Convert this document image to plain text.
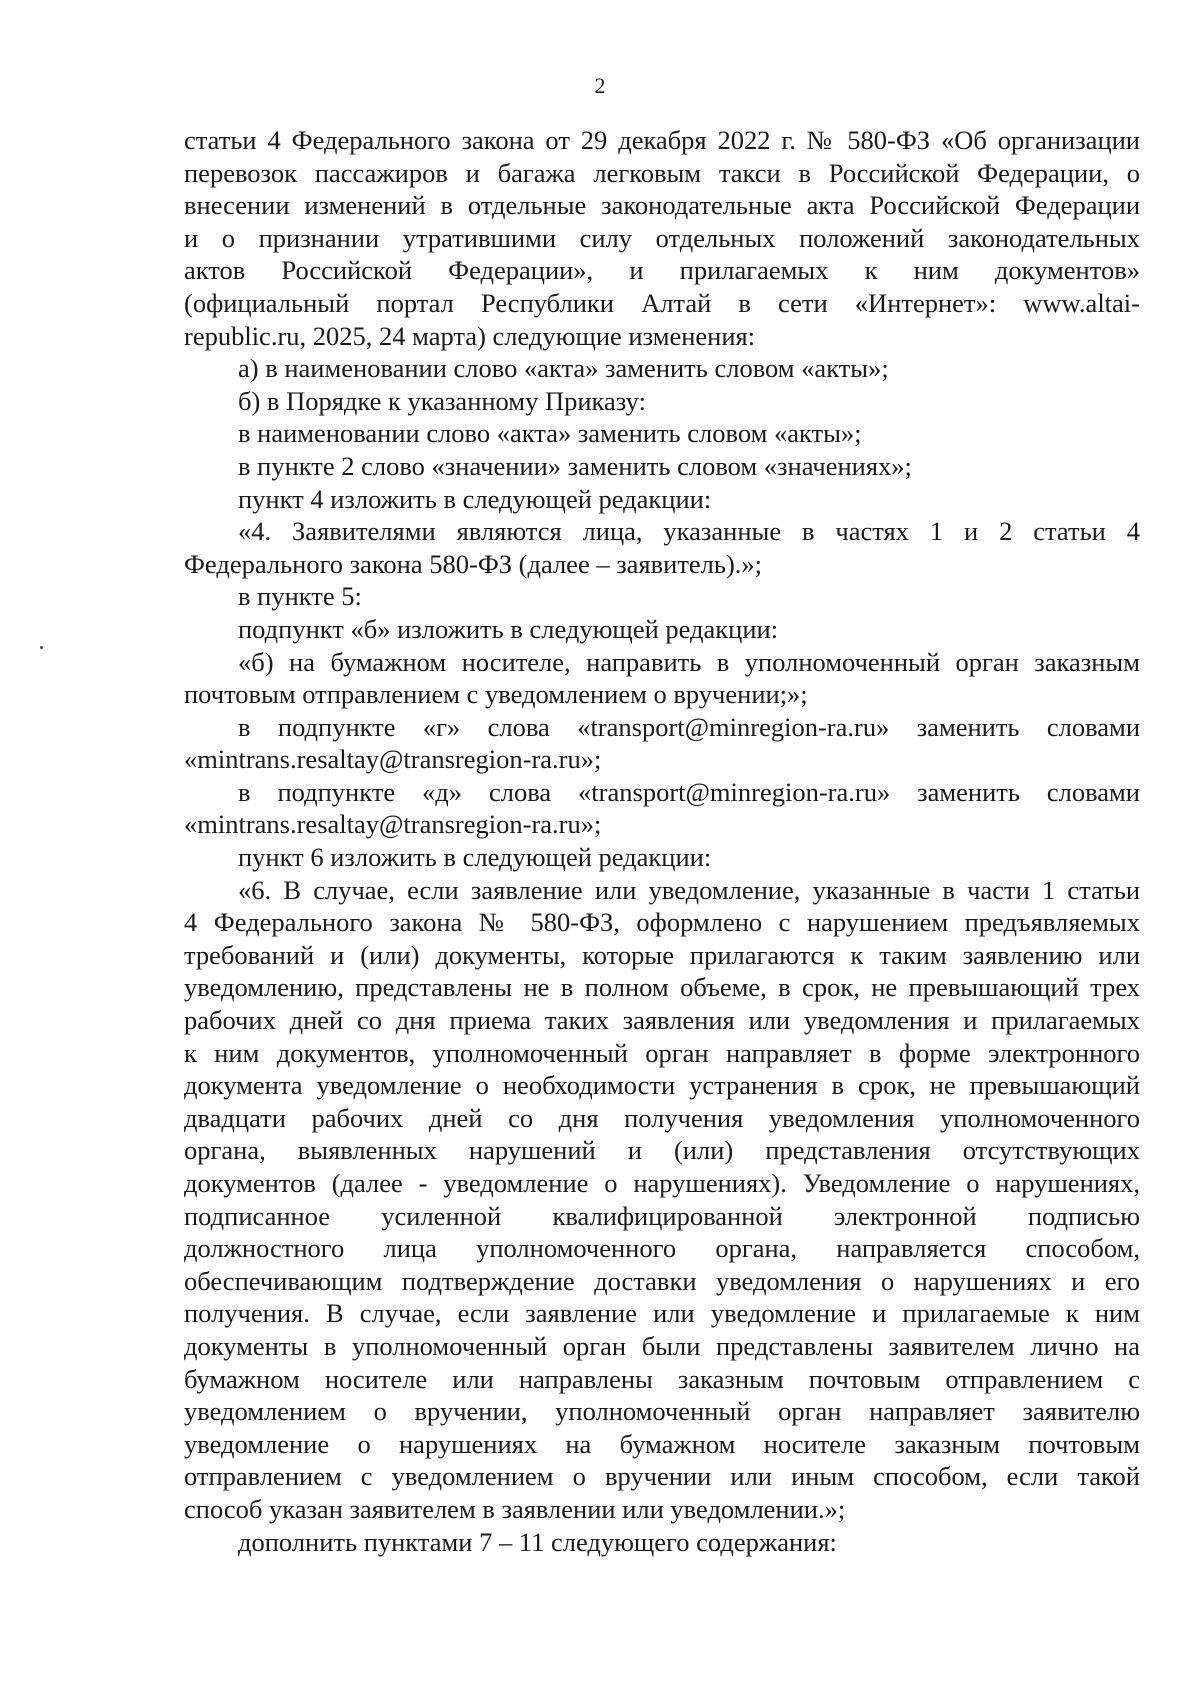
2

статьи 4 Федерального закона от 29 декабря 2022 г. № 580-ФЗ «Об организации
перевозок пассажиров и багажа легковым такси в Российской Федерации, о
внесении изменений в отдельные законодательные акта Российской Федерации
и о признании утратившими силу отдельных положений законодательных
актов Российской Федерации», и прилагаемых к ним документов»
(официальный портал Республики Алтай в сети «Интернет»: www.altai-
republic.ru, 2025, 24 марта) следующие изменения:

а) в наименовании слово «акта» заменить словом «акты»;

б) в Порядке к указанному Приказу:

в наименовании слово «акта» заменить словом «акты»;

в пункте 2 слово «значении» заменить словом «значениях»;

пункт 4 изложить в следующей редакции:

«4. Заявителями являются лица, указанные в частях 1 и 2 статьи 4
Федерального закона 580-ФЗ (далее – заявитель).»;

в пункте 5:

подпункт «б» изложить в следующей редакции:

«б) на бумажном носителе, направить в уполномоченный орган заказным
почтовым отправлением с уведомлением о вручении;»;

в подпункте «г» слова «transport@minregion-ra.ru» заменить словами
«mintrans.resaltay@transregion-ra.ru»;

в подпункте «д» слова «transport@minregion-ra.ru» заменить словами
«mintrans.resaltay@transregion-ra.ru»;

пункт 6 изложить в следующей редакции:

«6. В случае, если заявление или уведомление, указанные в части 1 статьи
4 Федерального закона № 580-ФЗ, оформлено с нарушением предъявляемых
требований и (или) документы, которые прилагаются к таким заявлению или
уведомлению, представлены не в полном объеме, в срок, не превышающий трех
рабочих дней со дня приема таких заявления или уведомления и прилагаемых
к ним документов, уполномоченный орган направляет в форме электронного
документа уведомление о необходимости устранения в срок, не превышающий
двадцати рабочих дней со дня получения уведомления уполномоченного
органа, выявленных нарушений и (или) представления отсутствующих
документов (далее - уведомление о нарушениях). Уведомление о нарушениях,
подписанное усиленной квалифицированной электронной подписью
должностного лица уполномоченного органа, направляется способом,
обеспечивающим подтверждение доставки уведомления о нарушениях и его
получения. В случае, если заявление или уведомление и прилагаемые к ним
документы в уполномоченный орган были представлены заявителем лично на
бумажном носителе или направлены заказным почтовым отправлением с
уведомлением о вручении, уполномоченный орган направляет заявителю
уведомление о нарушениях на бумажном носителе заказным почтовым
отправлением с уведомлением о вручении или иным способом, если такой
способ указан заявителем в заявлении или уведомлении.»;

дополнить пунктами 7 – 11 следующего содержания:
